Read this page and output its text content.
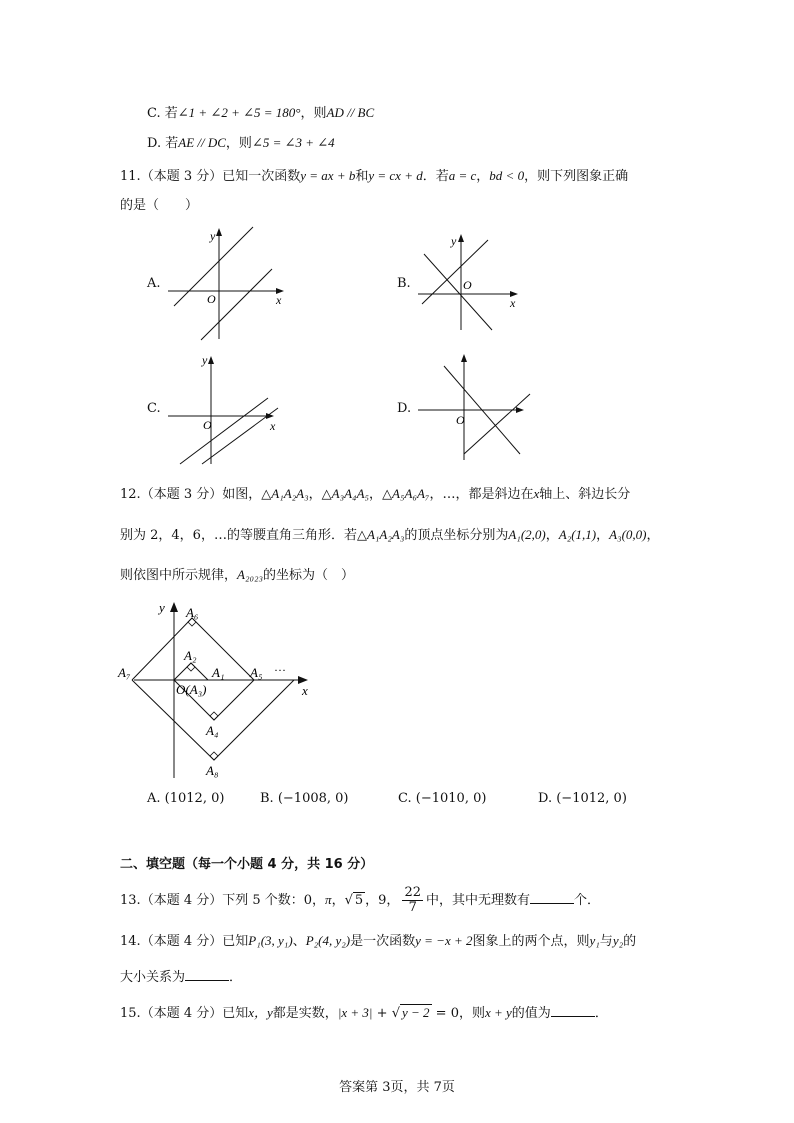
C. 若∠1 + ∠2 + ∠5 = 180°，则AD // BC
D. 若AE // DC，则∠5 = ∠3 + ∠4
11.（本题 3 分）已知一次函数y = ax + b和y = cx + d．若a = c，bd < 0，则下列图象正确
的是（　　）
A.
y
x
O
B.
y
x
O
C.
y
x
O
D.
O
12.（本题 3 分）如图，△A₁A₂A₃，△A₃A₄A₅，△A₅A₆A₇，…，都是斜边在x轴上、斜边长分
别为 2，4，6，…的等腰直角三角形．若△A₁A₂A₃的顶点坐标分别为A₁(2,0)，A₂(1,1)，A₃(0,0)，
则依图中所示规律，A₂₀₂₃的坐标为（　）
y
x
A₆
A₂
A₁
A₇	A₅ ···
O(A₃)
A₄
A₈
A. (1012, 0)	B. (−1008, 0)	C. (−1010, 0)	D. (−1012, 0)
二、填空题（每一个小题 4 分，共 16 分）
13.（本题 4 分）下列 5 个数：0，π，√ 5 ，9， $\frac{22}{7}$ 中，其中无理数有	个．
14.（本题 4 分）已知P₁(3, y₁)、P₂(4, y₂)是一次函数y = −x + 2图象上的两个点，则y₁与y₂的
大小关系为	．
15.（本题 4 分）已知x，y都是实数，|x + 3| + √ y − 2 = 0，则x + y的值为	．
答案第 3页，共 7页
